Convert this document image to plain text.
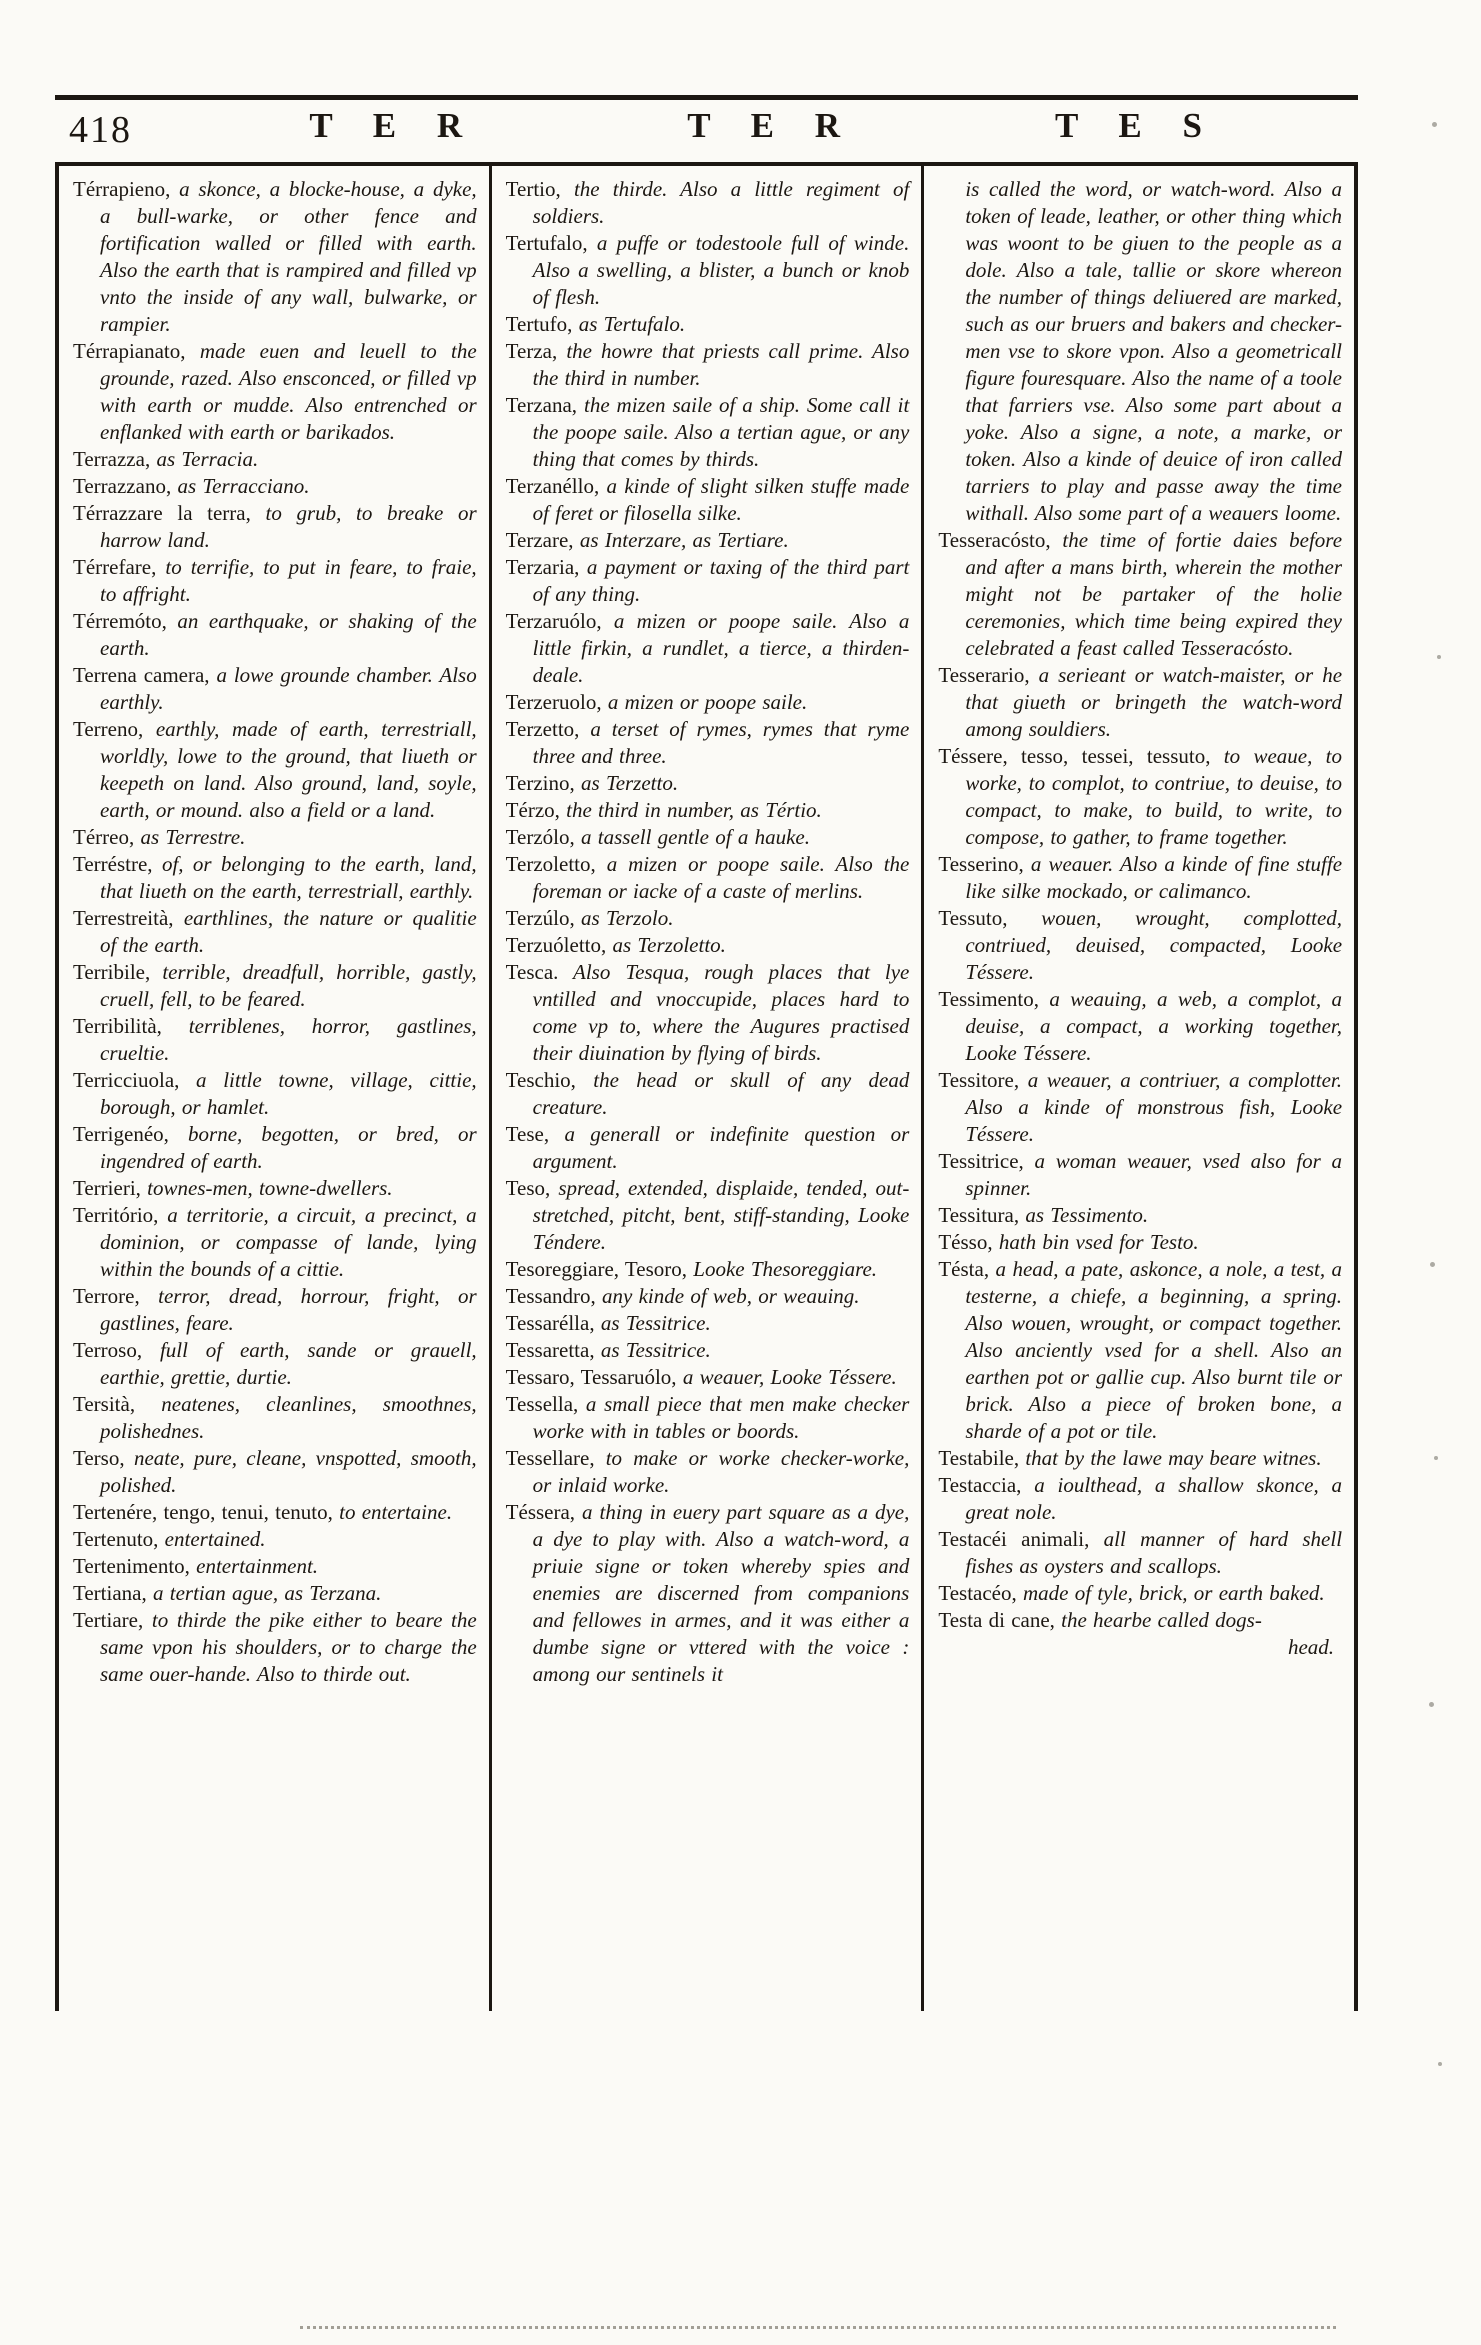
418	T E R	T E R	T E S

Térrapieno, a skonce, a blocke-house, a dyke, a bull-warke, or other fence and fortification walled or filled with earth. Also the earth that is rampired and filled vp vnto the inside of any wall, bulwarke, or rampier.

Térrapianato, made euen and leuell to the grounde, razed. Also ensconced, or filled vp with earth or mudde. Also entrenched or enflanked with earth or barikados.

Terrazza, as Terracia.

Terrazzano, as Terracciano.

Térrazzare la terra, to grub, to breake or harrow land.

Térrefare, to terrifie, to put in feare, to fraie, to affright.

Térremóto, an earthquake, or shaking of the earth.

Terrena camera, a lowe grounde chamber. Also earthly.

Terreno, earthly, made of earth, terrestriall, worldly, lowe to the ground, that liueth or keepeth on land. Also ground, land, soyle, earth, or mound. also a field or a land.

Térreo, as Terrestre.

Terréstre, of, or belonging to the earth, land, that liueth on the earth, terrestriall, earthly.

Terrestreità, earthlines, the nature or qualitie of the earth.

Terribile, terrible, dreadfull, horrible, gastly, cruell, fell, to be feared.

Terribilità, terriblenes, horror, gastlines, crueltie.

Terricciuola, a little towne, village, cittie, borough, or hamlet.

Terrigenéo, borne, begotten, or bred, or ingendred of earth.

Terrieri, townes-men, towne-dwellers.

Território, a territorie, a circuit, a precinct, a dominion, or compasse of lande, lying within the bounds of a cittie.

Terrore, terror, dread, horrour, fright, or gastlines, feare.

Terroso, full of earth, sande or grauell, earthie, grettie, durtie.

Tersità, neatenes, cleanlines, smoothnes, polishednes.

Terso, neate, pure, cleane, vnspotted, smooth, polished.

Tertenére, tengo, tenui, tenuto, to entertaine.

Tertenuto, entertained.

Tertenimento, entertainment.

Tertiana, a tertian ague, as Terzana.

Tertiare, to thirde the pike either to beare the same vpon his shoulders, or to charge the same ouer-hande. Also to thirde out.

Tertio, the thirde. Also a little regiment of soldiers.

Tertufalo, a puffe or todestoole full of winde. Also a swelling, a blister, a bunch or knob of flesh.

Tertufo, as Tertufalo.

Terza, the howre that priests call prime. Also the third in number.

Terzana, the mizen saile of a ship. Some call it the poope saile. Also a tertian ague, or any thing that comes by thirds.

Terzanéllo, a kinde of slight silken stuffe made of feret or filosella silke.

Terzare, as Interzare, as Tertiare.

Terzaria, a payment or taxing of the third part of any thing.

Terzaruólo, a mizen or poope saile. Also a little firkin, a rundlet, a tierce, a thirden-deale.

Terzeruolo, a mizen or poope saile.

Terzetto, a terset of rymes, rymes that ryme three and three.

Terzino, as Terzetto.

Térzo, the third in number, as Tértio.

Terzólo, a tassell gentle of a hauke.

Terzoletto, a mizen or poope saile. Also the foreman or iacke of a caste of merlins.

Terzúlo, as Terzolo.

Terzuóletto, as Terzoletto.

Tesca. Also Tesqua, rough places that lye vntilled and vnoccupide, places hard to come vp to, where the Augures practised their diuination by flying of birds.

Teschio, the head or skull of any dead creature.

Tese, a generall or indefinite question or argument.

Teso, spread, extended, displaide, tended, out-stretched, pitcht, bent, stiff-standing, Looke Téndere.

Tesoreggiare, Tesoro, Looke Thesoreggiare.

Tessandro, any kinde of web, or weauing.

Tessarélla, as Tessitrice.

Tessaretta, as Tessitrice.

Tessaro, Tessaruólo, a weauer, Looke Téssere.

Tessella, a small piece that men make checker worke with in tables or boords.

Tessellare, to make or worke checker-worke, or inlaid worke.

Téssera, a thing in euery part square as a dye, a dye to play with. Also a watch-word, a priuie signe or token whereby spies and enemies are discerned from companions and fellowes in armes, and it was either a dumbe signe or vttered with the voice : among our sentinels it

is called the word, or watch-word. Also a token of leade, leather, or other thing which was woont to be giuen to the people as a dole. Also a tale, tallie or skore whereon the number of things deliuered are marked, such as our bruers and bakers and checker-men vse to skore vpon. Also a geometricall figure fouresquare. Also the name of a toole that farriers vse. Also some part about a yoke. Also a signe, a note, a marke, or token. Also a kinde of deuice of iron called tarriers to play and passe away the time withall. Also some part of a weauers loome.

Tesseracósto, the time of fortie daies before and after a mans birth, wherein the mother might not be partaker of the holie ceremonies, which time being expired they celebrated a feast called Tesseracósto.

Tesserario, a serieant or watch-maister, or he that giueth or bringeth the watch-word among souldiers.

Téssere, tesso, tessei, tessuto, to weaue, to worke, to complot, to contriue, to deuise, to compact, to make, to build, to write, to compose, to gather, to frame together.

Tesserino, a weauer. Also a kinde of fine stuffe like silke mockado, or calimanco.

Tessuto, wouen, wrought, complotted, contriued, deuised, compacted, Looke Téssere.

Tessimento, a weauing, a web, a complot, a deuise, a compact, a working together, Looke Téssere.

Tessitore, a weauer, a contriuer, a complotter. Also a kinde of monstrous fish, Looke Téssere.

Tessitrice, a woman weauer, vsed also for a spinner.

Tessitura, as Tessimento.

Tésso, hath bin vsed for Testo.

Tésta, a head, a pate, askonce, a nole, a test, a testerne, a chiefe, a beginning, a spring. Also wouen, wrought, or compact together. Also anciently vsed for a shell. Also an earthen pot or gallie cup. Also burnt tile or brick. Also a piece of broken bone, a sharde of a pot or tile.

Testabile, that by the lawe may beare witnes.

Testaccia, a ioulthead, a shallow skonce, a great nole.

Testacéi animali, all manner of hard shell fishes as oysters and scallops.

Testacéo, made of tyle, brick, or earth baked.

Testa di cane, the hearbe called dogs-

head.
